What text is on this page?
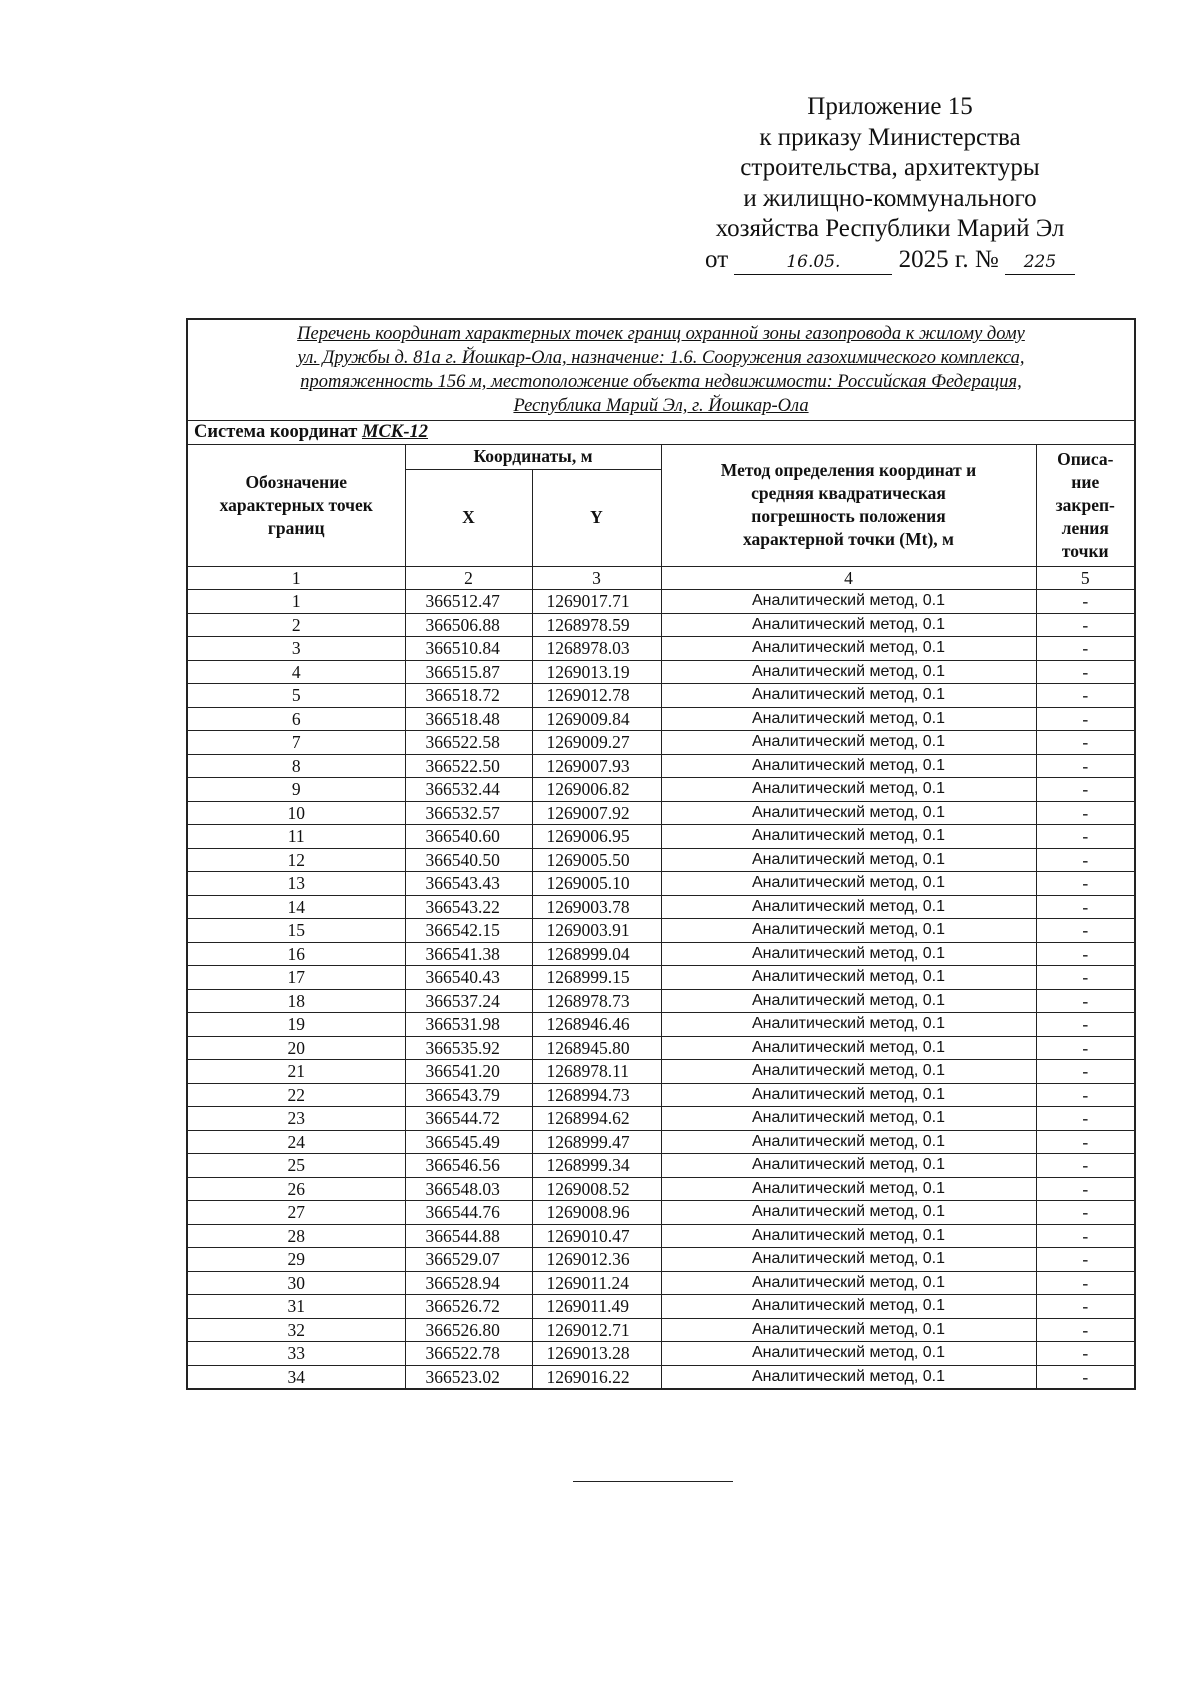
Приложение 15
к приказу Министерства
строительства, архитектуры
и жилищно-коммунального
хозяйства Республики Марий Эл
от	16.05. 2025 г. № 225
Перечень координат характерных точек границ охранной зоны газопровода к жилому дому
ул. Дружбы д. 81а г. Йошкар-Ола, назначение: 1.6. Сооружения газохимического комплекса,
протяженность 156 м, местоположение объекта недвижимости: Российская Федерация,
Республика Марий Эл, г. Йошкар-Ола				

Система координат МСК-12				

Обозначение
характерных точек
границ	Координаты, м		Метод определения координат и
средняя квадратическая
погрешность положения
характерной точки (Mt), м	Описа-
ние
закреп-
ления
точки

	X	Y		
1	2	3	4	5
1	366512.47	1269017.71	Аналитический метод, 0.1	-
2	366506.88	1268978.59	Аналитический метод, 0.1	-
3	366510.84	1268978.03	Аналитический метод, 0.1	-
4	366515.87	1269013.19	Аналитический метод, 0.1	-
5	366518.72	1269012.78	Аналитический метод, 0.1	-
6	366518.48	1269009.84	Аналитический метод, 0.1	-
7	366522.58	1269009.27	Аналитический метод, 0.1	-
8	366522.50	1269007.93	Аналитический метод, 0.1	-
9	366532.44	1269006.82	Аналитический метод, 0.1	-
10	366532.57	1269007.92	Аналитический метод, 0.1	-
11	366540.60	1269006.95	Аналитический метод, 0.1	-
12	366540.50	1269005.50	Аналитический метод, 0.1	-
13	366543.43	1269005.10	Аналитический метод, 0.1	-
14	366543.22	1269003.78	Аналитический метод, 0.1	-
15	366542.15	1269003.91	Аналитический метод, 0.1	-
16	366541.38	1268999.04	Аналитический метод, 0.1	-
17	366540.43	1268999.15	Аналитический метод, 0.1	-
18	366537.24	1268978.73	Аналитический метод, 0.1	-
19	366531.98	1268946.46	Аналитический метод, 0.1	-
20	366535.92	1268945.80	Аналитический метод, 0.1	-
21	366541.20	1268978.11	Аналитический метод, 0.1	-
22	366543.79	1268994.73	Аналитический метод, 0.1	-
23	366544.72	1268994.62	Аналитический метод, 0.1	-
24	366545.49	1268999.47	Аналитический метод, 0.1	-
25	366546.56	1268999.34	Аналитический метод, 0.1	-
26	366548.03	1269008.52	Аналитический метод, 0.1	-
27	366544.76	1269008.96	Аналитический метод, 0.1	-
28	366544.88	1269010.47	Аналитический метод, 0.1	-
29	366529.07	1269012.36	Аналитический метод, 0.1	-
30	366528.94	1269011.24	Аналитический метод, 0.1	-
31	366526.72	1269011.49	Аналитический метод, 0.1	-
32	366526.80	1269012.71	Аналитический метод, 0.1	-
33	366522.78	1269013.28	Аналитический метод, 0.1	-
34	366523.02	1269016.22	Аналитический метод, 0.1	-
